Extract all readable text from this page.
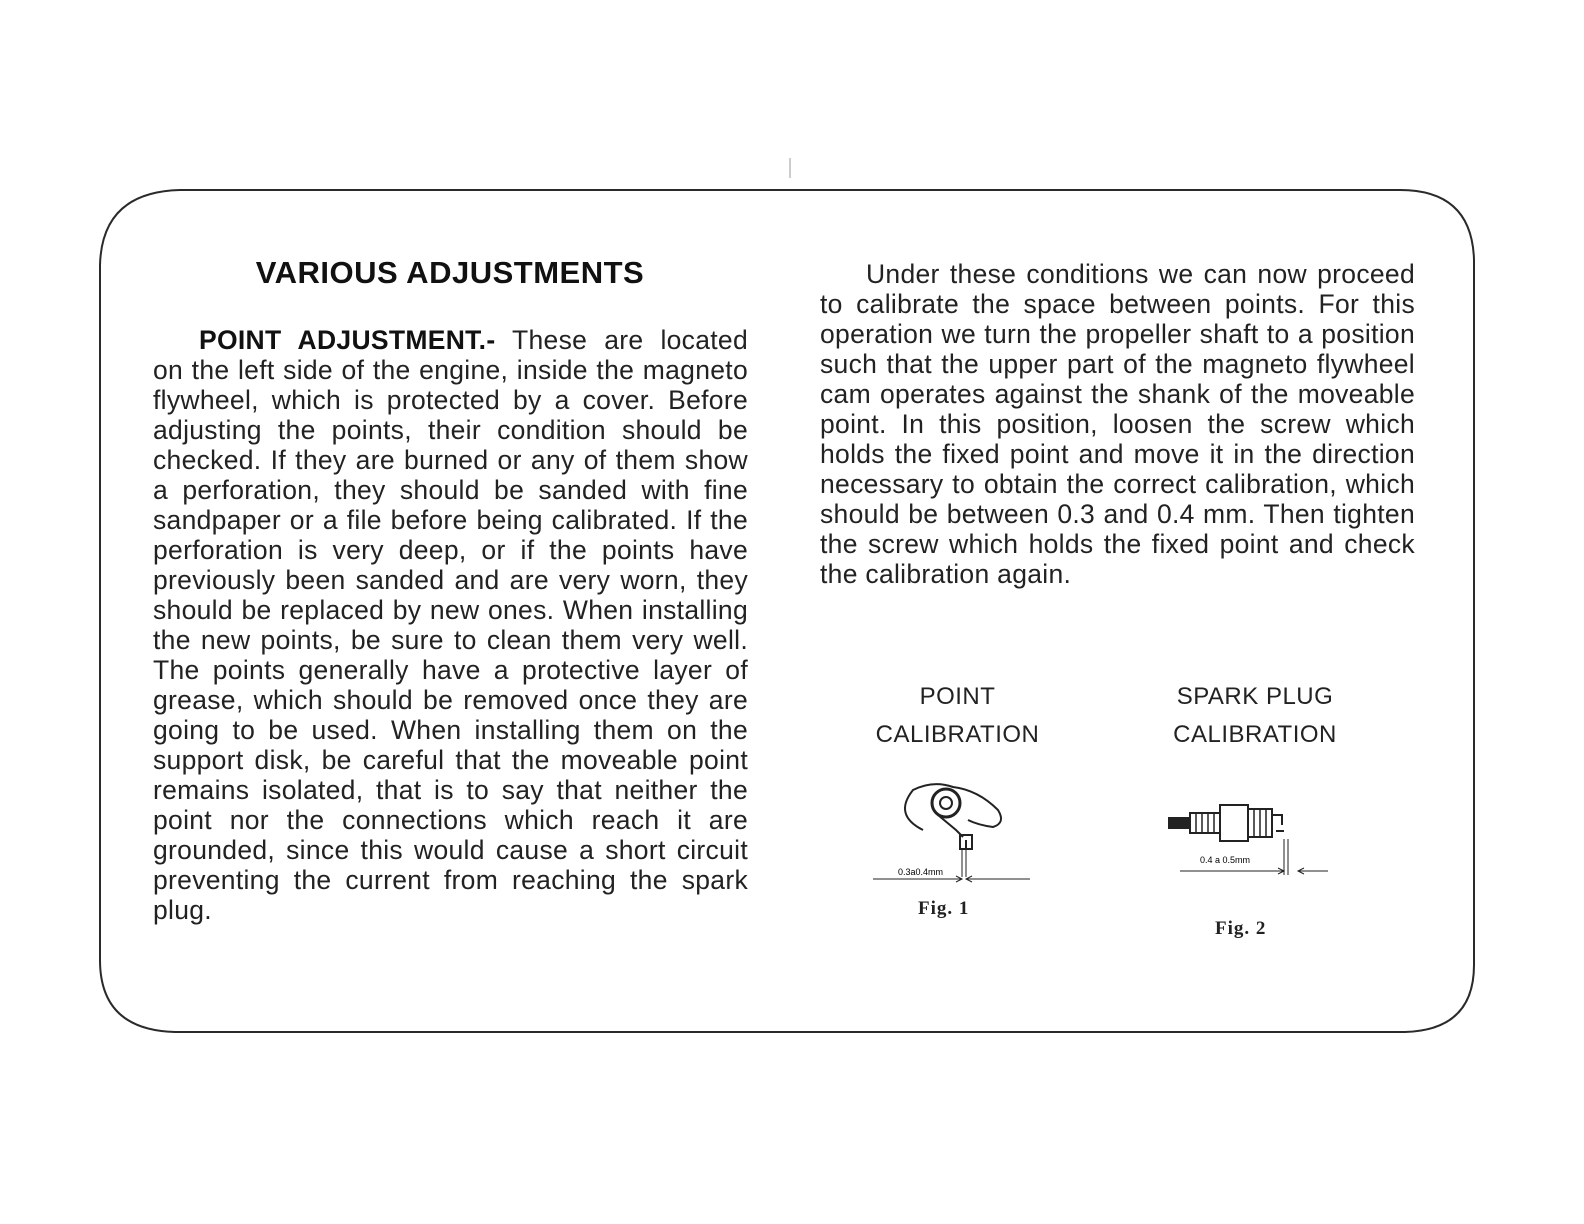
VARIOUS ADJUSTMENTS

POINT ADJUSTMENT.- These are located on the left side of the engine, inside the magneto flywheel, which is protected by a cover. Before adjusting the points, their condition should be checked. If they are burned or any of them show a perforation, they should be sanded with fine sandpaper or a file before being calibrated. If the perforation is very deep, or if the points have previously been sanded and are very worn, they should be replaced by new ones. When installing the new points, be sure to clean them very well. The points generally have a protective layer of grease, which should be removed once they are going to be used. When installing them on the support disk, be careful that the moveable point remains isolated, that is to say that neither the point nor the connections which reach it are grounded, since this would cause a short circuit preventing the current from reaching the spark plug.

Under these conditions we can now proceed to calibrate the space between points. For this operation we turn the propeller shaft to a position such that the upper part of the magneto flywheel cam operates against the shank of the moveable point. In this position, loosen the screw which holds the fixed point and move it in the direction necessary to obtain the correct calibration, which should be between 0.3 and 0.4 mm. Then tighten the screw which holds the fixed point and check the calibration again.

POINT
CALIBRATION
SPARK PLUG
CALIBRATION
0.3a0.4mm
0.4 a 0.5mm
Fig. 1
Fig. 2
